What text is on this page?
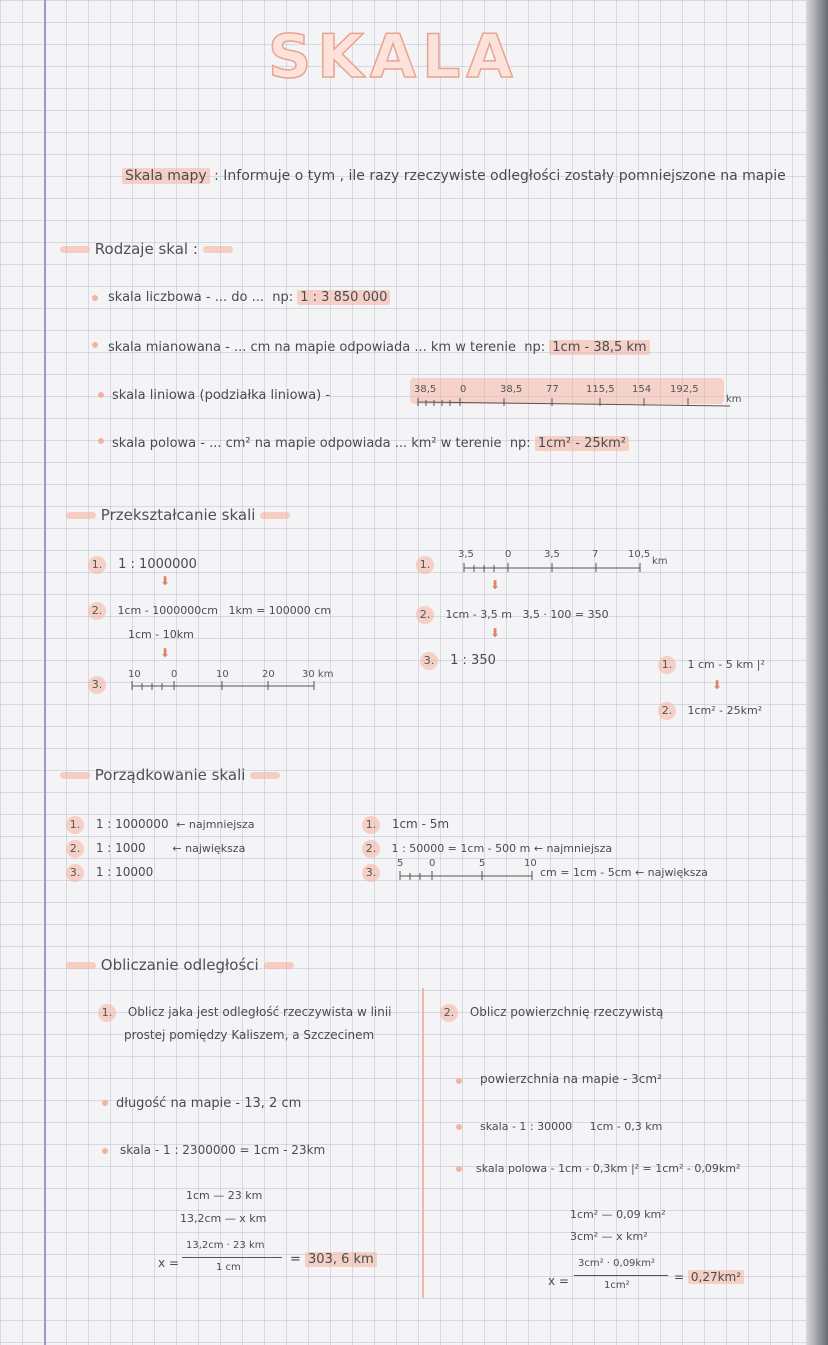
SKALA
Skala mapy : Informuje o tym , ile razy rzeczywiste odległości zostały pomniejszone na mapie
Rodzaje skal :
skala liczbowa - ... do ... np: 1 : 3 850 000
skala mianowana - ... cm na mapie odpowiada ... km w terenie np: 1cm - 38,5 km
skala liniowa (podziałka liniowa) -	38,5 0	38,5 77	115,5 154 192,5
km
skala polowa - ... cm² na mapie odpowiada ... km² w terenie np: 1cm² - 25km²
Przekształcanie skali
1. 1 : 1000000
⬇
2. 1cm - 1000000cm 1km = 100000 cm
1cm - 10km
⬇
3.
10	0	10	20	30 km
1.
3,5	0	3,5	7	10,5
km
⬇
2. 1cm - 3,5 m 3,5 · 100 = 350
⬇
3. 1 : 350	1. 1 cm - 5 km |²
⬇
2. 1cm² - 25km²
Porządkowanie skali
1. 1 : 1000000 ← najmniejsza
2. 1 : 1000 ← największa
3. 1 : 10000
1. 1cm - 5m
2. 1 : 50000 = 1cm - 500 m ← najmniejsza
3.
5	0	5	10
cm = 1cm - 5cm ← największa
Obliczanie odległości
1. Oblicz jaka jest odległość rzeczywista w linii
prostej pomiędzy Kaliszem, a Szczecinem
długość na mapie - 13, 2 cm
skala - 1 : 2300000 = 1cm - 23km
1cm — 23 km
13,2cm — x km
x =
13,2cm · 23 km
1 cm
= 303, 6 km
2. Oblicz powierzchnię rzeczywistą
powierzchnia na mapie - 3cm²
skala - 1 : 30000     1cm - 0,3 km
skala polowa - 1cm - 0,3km |² = 1cm² - 0,09km²
1cm² — 0,09 km²
3cm² — x km²
x =
3cm² · 0,09km²
1cm²
= 0,27km²
